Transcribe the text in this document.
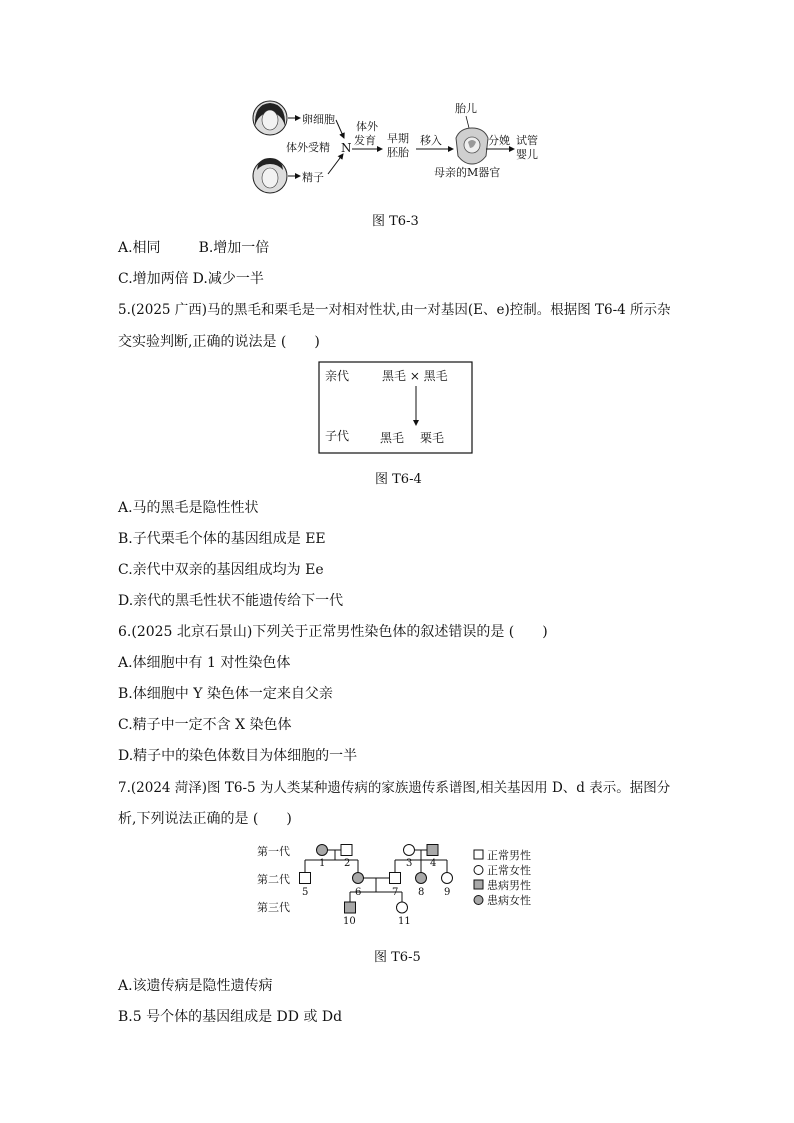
卵细胞
精子
体外受精 N
体外
发育 早期
胚胎
移入
胎儿
母亲的M器官
分娩 试管
婴儿
图 T6-3
A.相同	B.增加一倍
C.增加两倍 D.减少一半
5.(2025 广西)马的黑毛和栗毛是一对相对性状,由一对基因(E、e)控制。根据图 T6-4 所示杂
交实验判断,正确的说法是 (　　)
亲代	黑毛 × 黑毛
子代	黑毛 栗毛
图 T6-4
A.马的黑毛是隐性性状
B.子代栗毛个体的基因组成是 EE
C.亲代中双亲的基因组成均为 Ee
D.亲代的黑毛性状不能遗传给下一代
6.(2025 北京石景山)下列关于正常男性染色体的叙述错误的是 (　　)
A.体细胞中有 1 对性染色体
B.体细胞中 Y 染色体一定来自父亲
C.精子中一定不含 X 染色体
D.精子中的染色体数目为体细胞的一半
7.(2024 菏泽)图 T6-5 为人类某种遗传病的家族遗传系谱图,相关基因用 D、d 表示。据图分
析,下列说法正确的是 (　　)
第一代
第二代
第三代
1 2	3 4
5	6	7 8 9
10	11
正常男性
正常女性
患病男性
患病女性
图 T6-5
A.该遗传病是隐性遗传病
B.5 号个体的基因组成是 DD 或 Dd
